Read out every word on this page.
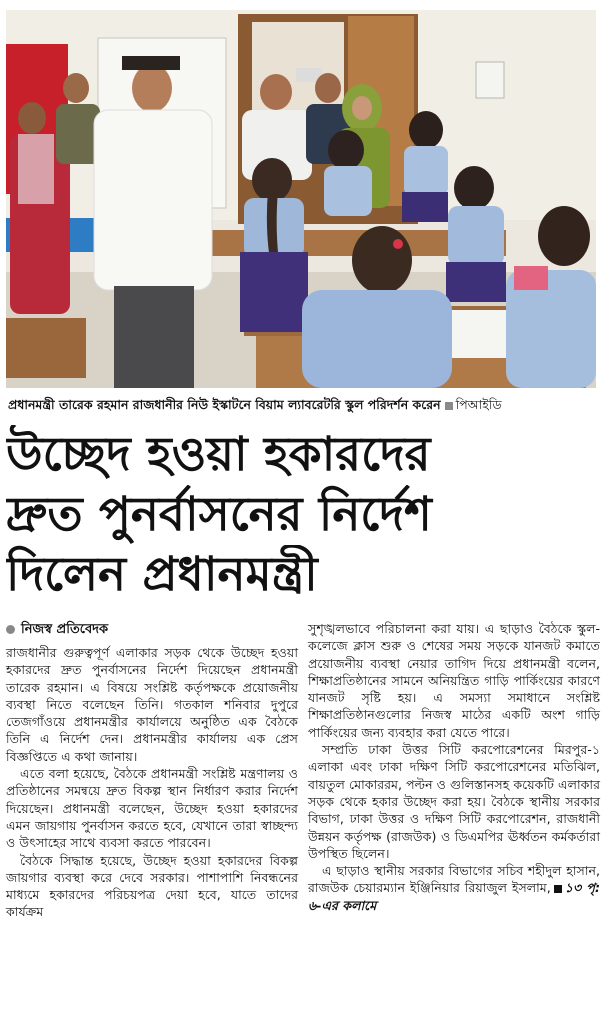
প্রধানমন্ত্রী তারেক রহমান রাজধানীর নিউ ইস্কাটনে বিয়াম ল্যাবরেটরি স্কুল পরিদর্শন করেন পিআইডি
উচ্ছেদ হওয়া হকারদের
দ্রুত পুনর্বাসনের নির্দেশ
দিলেন প্রধানমন্ত্রী
নিজস্ব প্রতিবেদক

রাজধানীর গুরুত্বপূর্ণ এলাকার সড়ক থেকে উচ্ছেদ হওয়া হকারদের দ্রুত পুনর্বাসনের নির্দেশ দিয়েছেন প্রধানমন্ত্রী তারেক রহমান। এ বিষয়ে সংশ্লিষ্ট কর্তৃপক্ষকে প্রয়োজনীয় ব্যবস্থা নিতে বলেছেন তিনি। গতকাল শনিবার দুপুরে তেজগাঁওয়ে প্রধানমন্ত্রীর কার্যালয়ে অনুষ্ঠিত এক বৈঠকে তিনি এ নির্দেশ দেন। প্রধানমন্ত্রীর কার্যালয় এক প্রেস বিজ্ঞপ্তিতে এ কথা জানায়।

এতে বলা হয়েছে, বৈঠকে প্রধানমন্ত্রী সংশ্লিষ্ট মন্ত্রণালয় ও প্রতিষ্ঠানের সমন্বয়ে দ্রুত বিকল্প স্থান নির্ধারণ করার নির্দেশ দিয়েছেন। প্রধানমন্ত্রী বলেছেন, উচ্ছেদ হওয়া হকারদের এমন জায়গায় পুনর্বাসন করতে হবে, যেখানে তারা স্বাচ্ছন্দ্য ও উৎসাহের সাথে ব্যবসা করতে পারবেন।

বৈঠকে সিদ্ধান্ত হয়েছে, উচ্ছেদ হওয়া হকারদের বিকল্প জায়গার ব্যবস্থা করে দেবে সরকার। পাশাপাশি নিবন্ধনের মাধ্যমে হকারদের পরিচয়পত্র দেয়া হবে, যাতে তাদের কার্যক্রম

সুশৃঙ্খলভাবে পরিচালনা করা যায়। এ ছাড়াও বৈঠকে স্কুল-কলেজে ক্লাস শুরু ও শেষের সময় সড়কে যানজট কমাতে প্রয়োজনীয় ব্যবস্থা নেয়ার তাগিদ দিয়ে প্রধানমন্ত্রী বলেন, শিক্ষাপ্রতিষ্ঠানের সামনে অনিয়ন্ত্রিত গাড়ি পার্কিংয়ের কারণে যানজট সৃষ্টি হয়। এ সমস্যা সমাধানে সংশ্লিষ্ট শিক্ষাপ্রতিষ্ঠানগুলোর নিজস্ব মাঠের একটি অংশ গাড়ি পার্কিংয়ের জন্য ব্যবহার করা যেতে পারে।

সম্প্রতি ঢাকা উত্তর সিটি করপোরেশনের মিরপুর-১ এলাকা এবং ঢাকা দক্ষিণ সিটি করপোরেশনের মতিঝিল, বায়তুল মোকাররম, পল্টন ও গুলিস্তানসহ কয়েকটি এলাকার সড়ক থেকে হকার উচ্ছেদ করা হয়। বৈঠকে স্থানীয় সরকার বিভাগ, ঢাকা উত্তর ও দক্ষিণ সিটি করপোরেশন, রাজধানী উন্নয়ন কর্তৃপক্ষ (রাজউক) ও ডিএমপির ঊর্ধ্বতন কর্মকর্তারা উপস্থিত ছিলেন।

এ ছাড়াও স্থানীয় সরকার বিভাগের সচিব শহীদুল হাসান, রাজউক চেয়ারম্যান ইঞ্জিনিয়ার রিয়াজুল ইসলাম, ১৩ পৃ: ৬-এর কলামে
